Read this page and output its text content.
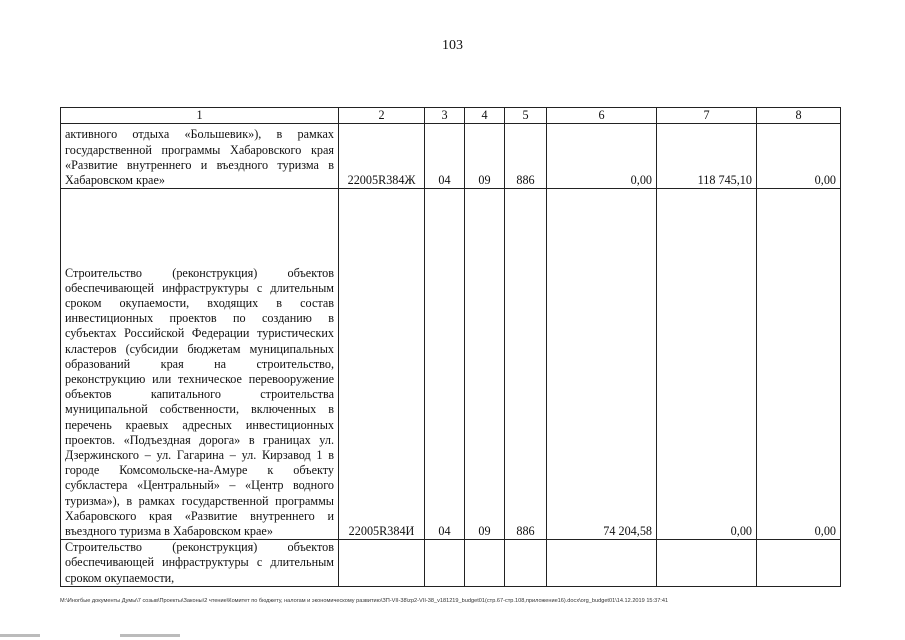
103
1	2	3	4	5	6	7	8
активного отдыха «Большевик»), в рамках государственной программы Хабаровского края «Развитие внутреннего и въездного туризма в Хабаровском крае»	22005R384Ж	04	09	886	0,00	118 745,10	0,00
Строительство (реконструкция) объектов обеспечивающей инфраструктуры с длительным сроком окупаемости, входящих в состав инвестиционных проектов по созданию в субъектах Российской Федерации туристических кластеров (субсидии бюджетам муниципальных образований края на строительство, реконструкцию или техническое перевооружение объектов капитального строительства муниципальной собственности, включенных в перечень краевых адресных инвестиционных проектов. «Подъездная дорога» в границах ул. Дзержинского – ул. Гагарина – ул. Кирзавод 1 в городе Комсомольске-на-Амуре к объекту субкластера «Центральный» – «Центр водного туризма»), в рамках государственной программы Хабаровского края «Развитие внутреннего и въездного туризма в Хабаровском крае»	22005R384И	04	09	886	74 204,58	0,00	0,00
Строительство (реконструкция) объектов обеспечивающей инфраструктуры с длительным сроком окупаемости,							
M:\Иногбые документы Думы\7 созыв\Проекты\Законы\2 чтение\Комитет по бюджету, налогам и экономическому развитию\ЗП-VII-38\zp2-VII-38_v181219_budget01(стр.67-стр.108,приложение16).docx\org_budget01\14.12.2019 15:37:41
